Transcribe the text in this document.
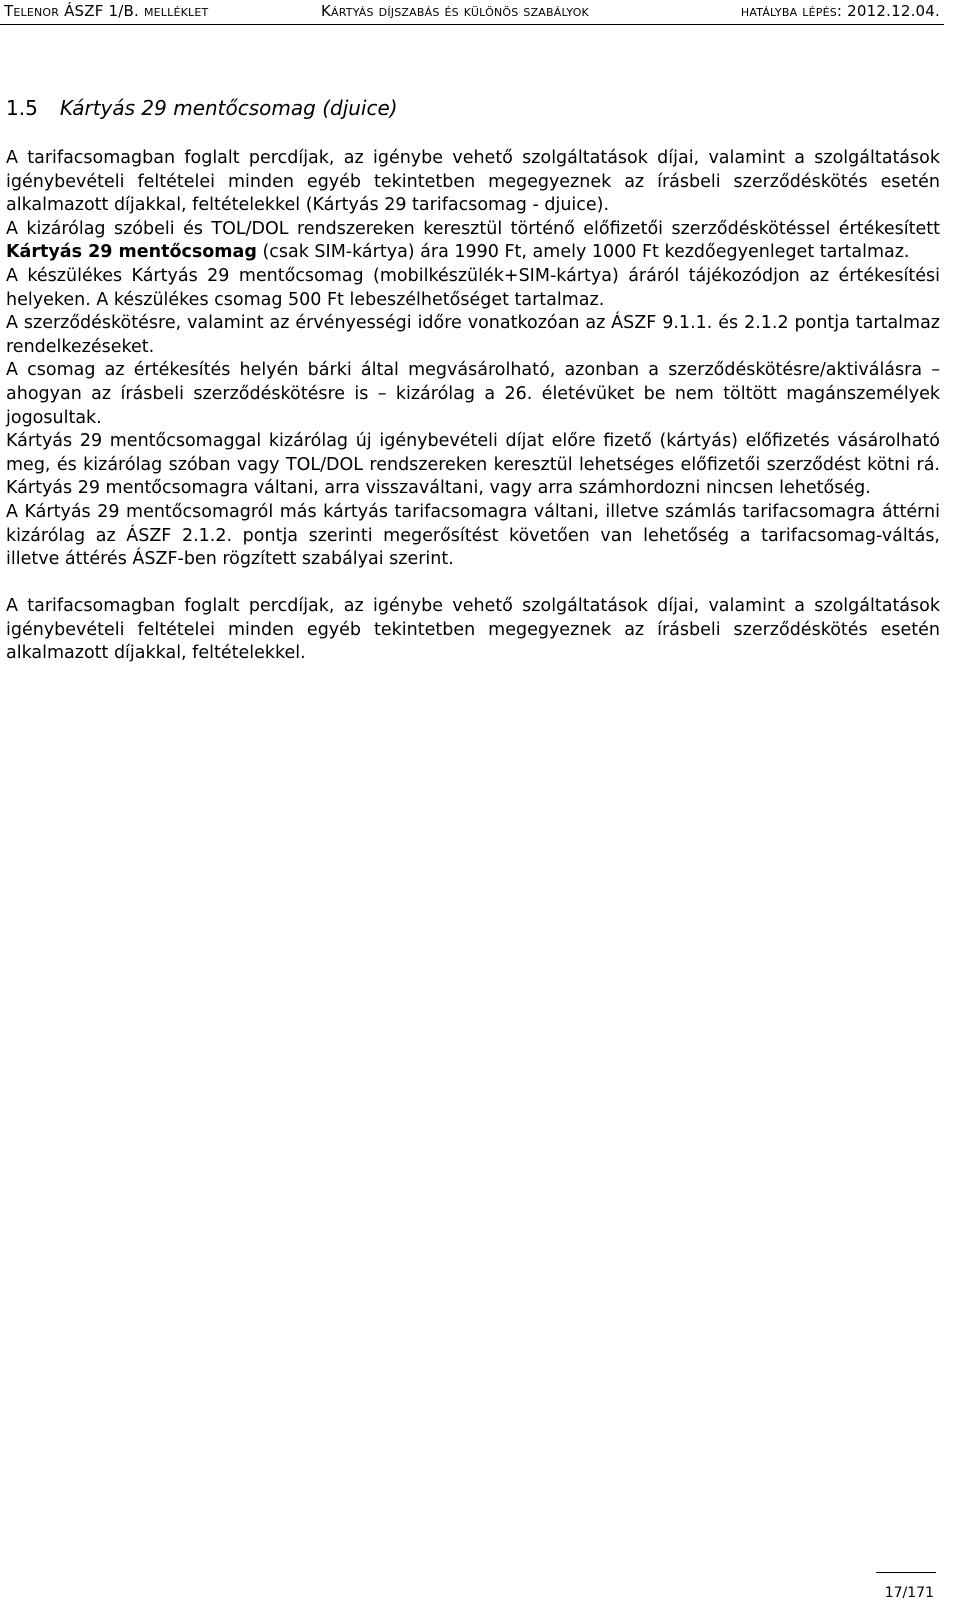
Telenor ÁSZF 1/B. melléklet	Kártyás díjszabás és különös szabályok	hatályba lépés: 2012.12.04.
1.5 Kártyás 29 mentőcsomag (djuice)

A tarifacsomagban foglalt percdíjak, az igénybe vehető szolgáltatások díjai, valamint a szolgáltatások igénybevételi feltételei minden egyéb tekintetben megegyeznek az írásbeli szerződéskötés esetén alkalmazott díjakkal, feltételekkel (Kártyás 29 tarifacsomag - djuice).

A kizárólag szóbeli és TOL/DOL rendszereken keresztül történő előfizetői szerződéskötéssel értékesített Kártyás 29 mentőcsomag (csak SIM-kártya) ára 1990 Ft, amely 1000 Ft kezdőegyenleget tartalmaz.

A készülékes Kártyás 29 mentőcsomag (mobilkészülék+SIM-kártya) áráról tájékozódjon az értékesítési helyeken. A készülékes csomag 500 Ft lebeszélhetőséget tartalmaz.

A szerződéskötésre, valamint az érvényességi időre vonatkozóan az ÁSZF 9.1.1. és 2.1.2 pontja tartalmaz rendelkezéseket.

A csomag az értékesítés helyén bárki által megvásárolható, azonban a szerződéskötésre/aktiválásra – ahogyan az írásbeli szerződéskötésre is – kizárólag a 26. életévüket be nem töltött magánszemélyek jogosultak.

Kártyás 29 mentőcsomaggal kizárólag új igénybevételi díjat előre fizető (kártyás) előfizetés vásárolható meg, és kizárólag szóban vagy TOL/DOL rendszereken keresztül lehetséges előfizetői szerződést kötni rá. Kártyás 29 mentőcsomagra váltani, arra visszaváltani, vagy arra számhordozni nincsen lehetőség.

A Kártyás 29 mentőcsomagról más kártyás tarifacsomagra váltani, illetve számlás tarifacsomagra áttérni kizárólag az ÁSZF 2.1.2. pontja szerinti megerősítést követően van lehetőség a tarifacsomag-váltás, illetve áttérés ÁSZF-ben rögzített szabályai szerint.

A tarifacsomagban foglalt percdíjak, az igénybe vehető szolgáltatások díjai, valamint a szolgáltatások igénybevételi feltételei minden egyéb tekintetben megegyeznek az írásbeli szerződéskötés esetén alkalmazott díjakkal, feltételekkel.

17/171
